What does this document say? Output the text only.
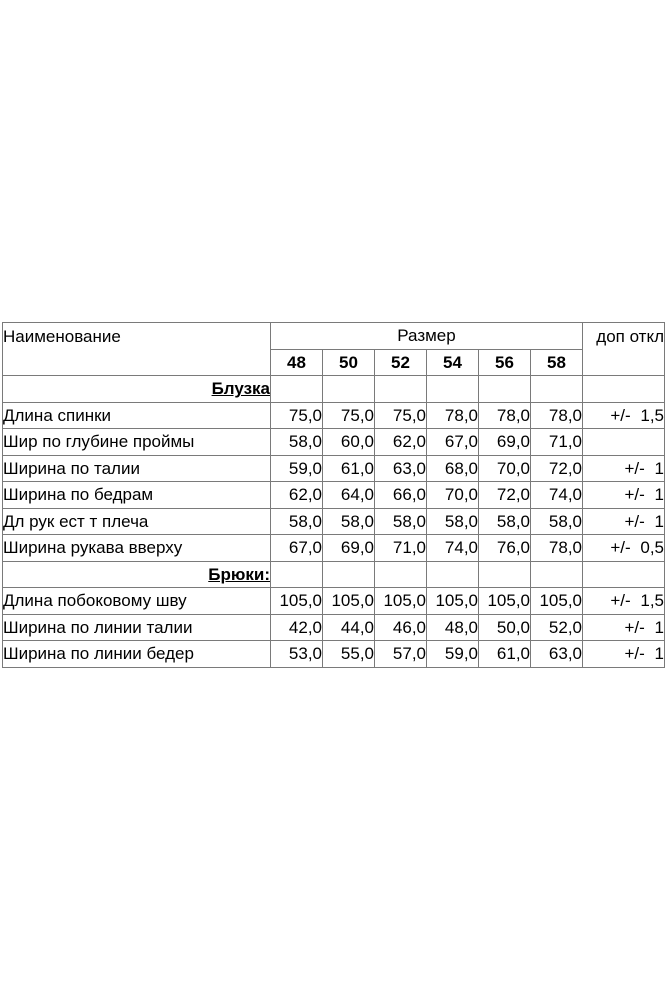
Наименование	Размер						доп откл
	48	50	52	54	56	58	
Блузка							
Длина спинки	75,0	75,0	75,0	78,0	78,0	78,0	+/- 1,5
Шир по глубине проймы	58,0	60,0	62,0	67,0	69,0	71,0	
Ширина по талии	59,0	61,0	63,0	68,0	70,0	72,0	+/- 1
Ширина по бедрам	62,0	64,0	66,0	70,0	72,0	74,0	+/- 1
Дл рук ест т плеча	58,0	58,0	58,0	58,0	58,0	58,0	+/- 1
Ширина рукава вверху	67,0	69,0	71,0	74,0	76,0	78,0	+/- 0,5
Брюки:							
Длина побоковому шву	105,0	105,0	105,0	105,0	105,0	105,0	+/- 1,5
Ширина по линии талии	42,0	44,0	46,0	48,0	50,0	52,0	+/- 1
Ширина по линии бедер	53,0	55,0	57,0	59,0	61,0	63,0	+/- 1
